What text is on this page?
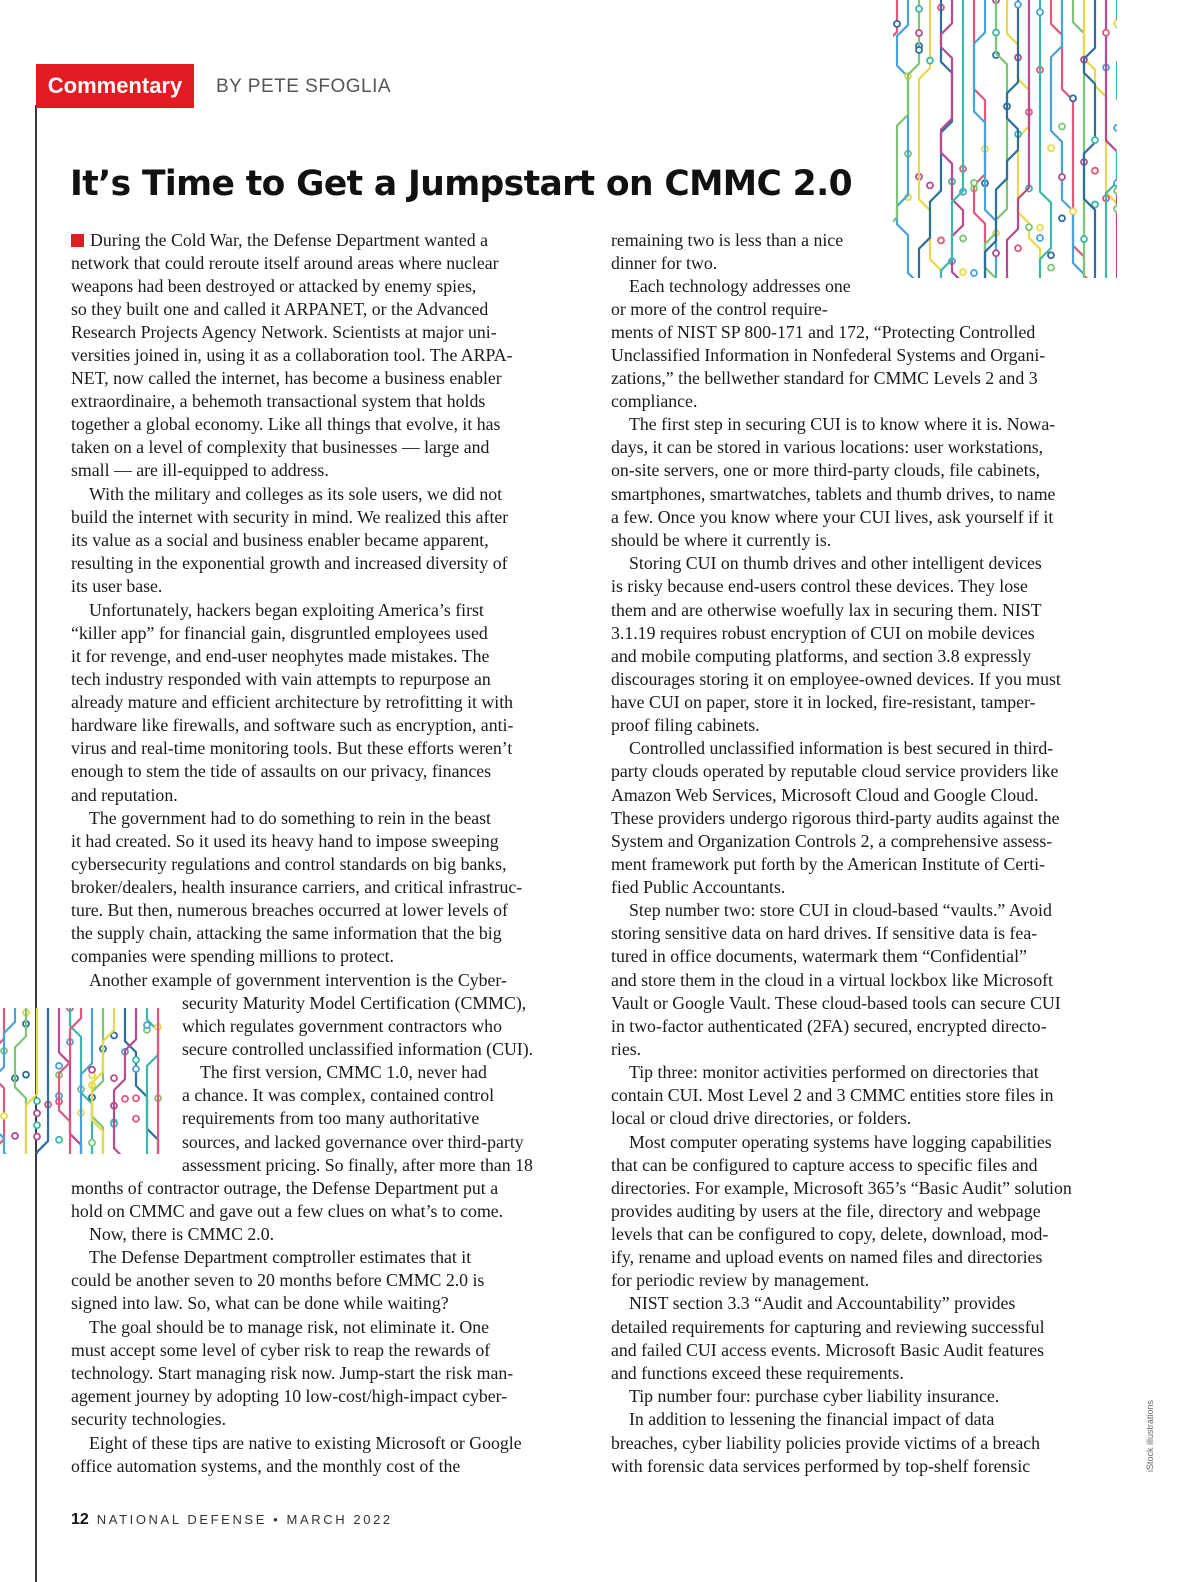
Commentary	BY PETE SFOGLIA
It’s Time to Get a Jumpstart on CMMC 2.0
iStock illustrations

During the Cold War, the Defense Department wanted a

network that could reroute itself around areas where nuclear

weapons had been destroyed or attacked by enemy spies,

so they built one and called it ARPANET, or the Advanced

Research Projects Agency Network. Scientists at major uni-

versities joined in, using it as a collaboration tool. The ARPA-

NET, now called the internet, has become a business enabler

extraordinaire, a behemoth transactional system that holds

together a global economy. Like all things that evolve, it has

taken on a level of complexity that businesses — large and

small — are ill-equipped to address.

With the military and colleges as its sole users, we did not

build the internet with security in mind. We realized this after

its value as a social and business enabler became apparent,

resulting in the exponential growth and increased diversity of

its user base.

Unfortunately, hackers began exploiting America’s first

“killer app” for financial gain, disgruntled employees used

it for revenge, and end-user neophytes made mistakes. The

tech industry responded with vain attempts to repurpose an

already mature and efficient architecture by retrofitting it with

hardware like firewalls, and software such as encryption, anti-

virus and real-time monitoring tools. But these efforts weren’t

enough to stem the tide of assaults on our privacy, finances

and reputation.

The government had to do something to rein in the beast

it had created. So it used its heavy hand to impose sweeping

cybersecurity regulations and control standards on big banks,

broker/dealers, health insurance carriers, and critical infrastruc-

ture. But then, numerous breaches occurred at lower levels of

the supply chain, attacking the same information that the big

companies were spending millions to protect.

Another example of government intervention is the Cyber-

security Maturity Model Certification (CMMC),

which regulates government contractors who

secure controlled unclassified information (CUI).

The first version, CMMC 1.0, never had

a chance. It was complex, contained control

requirements from too many authoritative

sources, and lacked governance over third-party

assessment pricing. So finally, after more than 18

months of contractor outrage, the Defense Department put a

hold on CMMC and gave out a few clues on what’s to come.

Now, there is CMMC 2.0.

The Defense Department comptroller estimates that it

could be another seven to 20 months before CMMC 2.0 is

signed into law. So, what can be done while waiting?

The goal should be to manage risk, not eliminate it. One

must accept some level of cyber risk to reap the rewards of

technology. Start managing risk now. Jump-start the risk man-

agement journey by adopting 10 low-cost/high-impact cyber-

security technologies.

Eight of these tips are native to existing Microsoft or Google

office automation systems, and the monthly cost of the

remaining two is less than a nice

dinner for two.

Each technology addresses one

or more of the control require-

ments of NIST SP 800-171 and 172, “Protecting Controlled

Unclassified Information in Nonfederal Systems and Organi-

zations,” the bellwether standard for CMMC Levels 2 and 3

compliance.

The first step in securing CUI is to know where it is. Nowa-

days, it can be stored in various locations: user workstations,

on-site servers, one or more third-party clouds, file cabinets,

smartphones, smartwatches, tablets and thumb drives, to name

a few. Once you know where your CUI lives, ask yourself if it

should be where it currently is.

Storing CUI on thumb drives and other intelligent devices

is risky because end-users control these devices. They lose

them and are otherwise woefully lax in securing them. NIST

3.1.19 requires robust encryption of CUI on mobile devices

and mobile computing platforms, and section 3.8 expressly

discourages storing it on employee-owned devices. If you must

have CUI on paper, store it in locked, fire-resistant, tamper-

proof filing cabinets.

Controlled unclassified information is best secured in third-

party clouds operated by reputable cloud service providers like

Amazon Web Services, Microsoft Cloud and Google Cloud.

These providers undergo rigorous third-party audits against the

System and Organization Controls 2, a comprehensive assess-

ment framework put forth by the American Institute of Certi-

fied Public Accountants.

Step number two: store CUI in cloud-based “vaults.” Avoid

storing sensitive data on hard drives. If sensitive data is fea-

tured in office documents, watermark them “Confidential”

and store them in the cloud in a virtual lockbox like Microsoft

Vault or Google Vault. These cloud-based tools can secure CUI

in two-factor authenticated (2FA) secured, encrypted directo-

ries.

Tip three: monitor activities performed on directories that

contain CUI. Most Level 2 and 3 CMMC entities store files in

local or cloud drive directories, or folders.

Most computer operating systems have logging capabilities

that can be configured to capture access to specific files and

directories. For example, Microsoft 365’s “Basic Audit” solution

provides auditing by users at the file, directory and webpage

levels that can be configured to copy, delete, download, mod-

ify, rename and upload events on named files and directories

for periodic review by management.

NIST section 3.3 “Audit and Accountability” provides

detailed requirements for capturing and reviewing successful

and failed CUI access events. Microsoft Basic Audit features

and functions exceed these requirements.

Tip number four: purchase cyber liability insurance.

In addition to lessening the financial impact of data

breaches, cyber liability policies provide victims of a breach

with forensic data services performed by top-shelf forensic

12 NATIONAL DEFENSE • MARCH 2022
